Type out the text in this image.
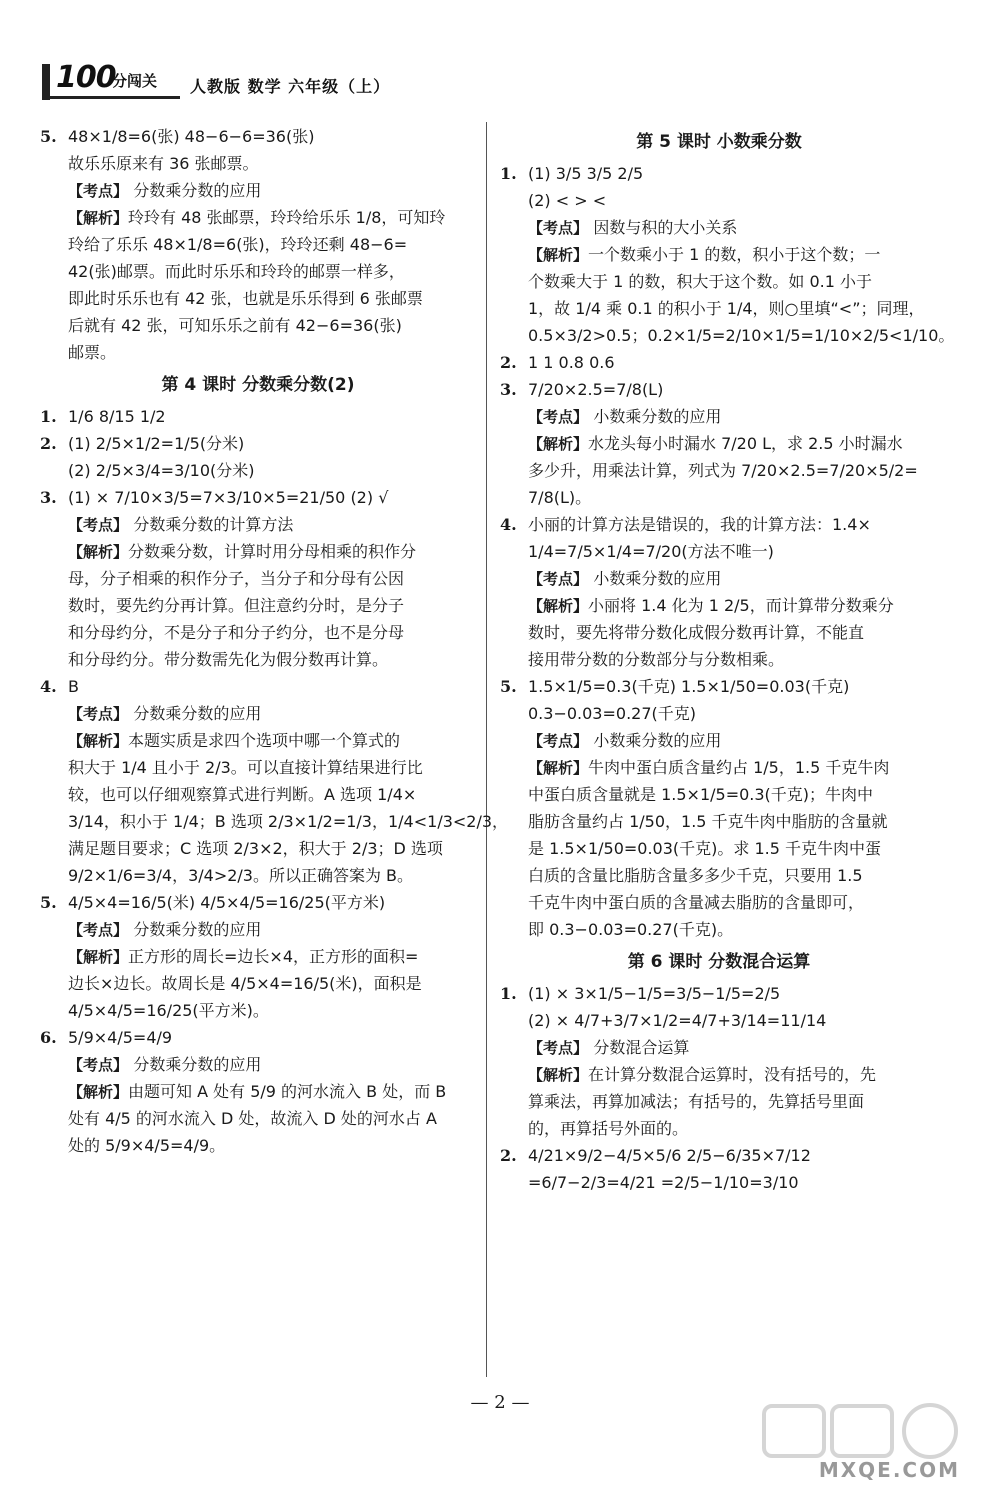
100
分闯关 人教版 数学 六年级（上）
5. 48×1/8=6(张) 48−6−6=36(张)
故乐乐原来有 36 张邮票。
【考点】 分数乘分数的应用
【解析】玲玲有 48 张邮票，玲玲给乐乐 1/8，可知玲
玲给了乐乐 48×1/8=6(张)，玲玲还剩 48−6=
42(张)邮票。而此时乐乐和玲玲的邮票一样多，
即此时乐乐也有 42 张，也就是乐乐得到 6 张邮票
后就有 42 张，可知乐乐之前有 42−6=36(张)
邮票。
第 4 课时 分数乘分数(2)
1. 1/6 8/15 1/2
2. (1) 2/5×1/2=1/5(分米)
(2) 2/5×3/4=3/10(分米)
3. (1) × 7/10×3/5=7×3/10×5=21/50 (2) √
【考点】 分数乘分数的计算方法
【解析】分数乘分数，计算时用分母相乘的积作分
母，分子相乘的积作分子，当分子和分母有公因
数时，要先约分再计算。但注意约分时，是分子
和分母约分，不是分子和分子约分，也不是分母
和分母约分。带分数需先化为假分数再计算。
4. B
【考点】 分数乘分数的应用
【解析】本题实质是求四个选项中哪一个算式的
积大于 1/4 且小于 2/3。可以直接计算结果进行比
较，也可以仔细观察算式进行判断。A 选项 1/4×
3/14，积小于 1/4；B 选项 2/3×1/2=1/3，1/4<1/3<2/3，
满足题目要求；C 选项 2/3×2，积大于 2/3；D 选项
9/2×1/6=3/4，3/4>2/3。所以正确答案为 B。
5. 4/5×4=16/5(米) 4/5×4/5=16/25(平方米)
【考点】 分数乘分数的应用
【解析】正方形的周长=边长×4，正方形的面积=
边长×边长。故周长是 4/5×4=16/5(米)，面积是
4/5×4/5=16/25(平方米)。
6. 5/9×4/5=4/9
【考点】 分数乘分数的应用
【解析】由题可知 A 处有 5/9 的河水流入 B 处，而 B
处有 4/5 的河水流入 D 处，故流入 D 处的河水占 A
处的 5/9×4/5=4/9。
第 5 课时 小数乘分数
1. (1) 3/5 3/5 2/5
(2) < > <
【考点】 因数与积的大小关系
【解析】一个数乘小于 1 的数，积小于这个数；一
个数乘大于 1 的数，积大于这个数。如 0.1 小于
1，故 1/4 乘 0.1 的积小于 1/4，则○里填“<”；同理，
0.5×3/2>0.5；0.2×1/5=2/10×1/5=1/10×2/5<1/10。
2. 1 1 0.8 0.6
3. 7/20×2.5=7/8(L)
【考点】 小数乘分数的应用
【解析】水龙头每小时漏水 7/20 L，求 2.5 小时漏水
多少升，用乘法计算，列式为 7/20×2.5=7/20×5/2=
7/8(L)。
4. 小丽的计算方法是错误的，我的计算方法：1.4×
1/4=7/5×1/4=7/20(方法不唯一)
【考点】 小数乘分数的应用
【解析】小丽将 1.4 化为 1 2/5，而计算带分数乘分
数时，要先将带分数化成假分数再计算，不能直
接用带分数的分数部分与分数相乘。
5. 1.5×1/5=0.3(千克) 1.5×1/50=0.03(千克)
0.3−0.03=0.27(千克)
【考点】 小数乘分数的应用
【解析】牛肉中蛋白质含量约占 1/5，1.5 千克牛肉
中蛋白质含量就是 1.5×1/5=0.3(千克)；牛肉中
脂肪含量约占 1/50，1.5 千克牛肉中脂肪的含量就
是 1.5×1/50=0.03(千克)。求 1.5 千克牛肉中蛋
白质的含量比脂肪含量多多少千克，只要用 1.5
千克牛肉中蛋白质的含量减去脂肪的含量即可，
即 0.3−0.03=0.27(千克)。
第 6 课时 分数混合运算
1. (1) × 3×1/5−1/5=3/5−1/5=2/5
(2) × 4/7+3/7×1/2=4/7+3/14=11/14
【考点】 分数混合运算
【解析】在计算分数混合运算时，没有括号的，先
算乘法，再算加减法；有括号的，先算括号里面
的，再算括号外面的。
2. 4/21×9/2−4/5×5/6 2/5−6/35×7/12
=6/7−2/3=4/21 =2/5−1/10=3/10
— 2 —
MXQE.COM
